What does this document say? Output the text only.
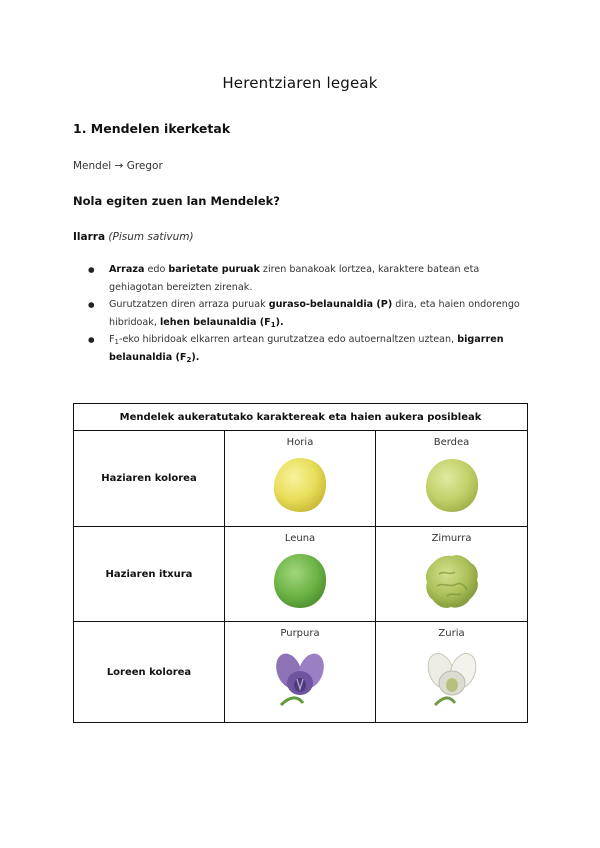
Herentziaren legeak
1. Mendelen ikerketak
Mendel → Gregor
Nola egiten zuen lan Mendelek?
Ilarra (Pisum sativum)
● Arraza edo barietate puruak ziren banakoak lortzea, karaktere batean eta gehiagotan bereizten zirenak.
● Gurutzatzen diren arraza puruak guraso-belaunaldia (P) dira, eta haien ondorengo hibridoak, lehen belaunaldia $(F_1)$.
● $F_1$-eko hibridoak elkarren artean gurutzatzea edo autoernaltzen uztean, bigarren belaunaldia $(F_2)$.
Mendelek aukeratutako karaktereak eta haien aukera posibleak		
Haziaren kolorea	Horia	Berdea

Haziaren itxura	Leuna	Zimurra

Loreen kolorea	Purpura	Zuria
